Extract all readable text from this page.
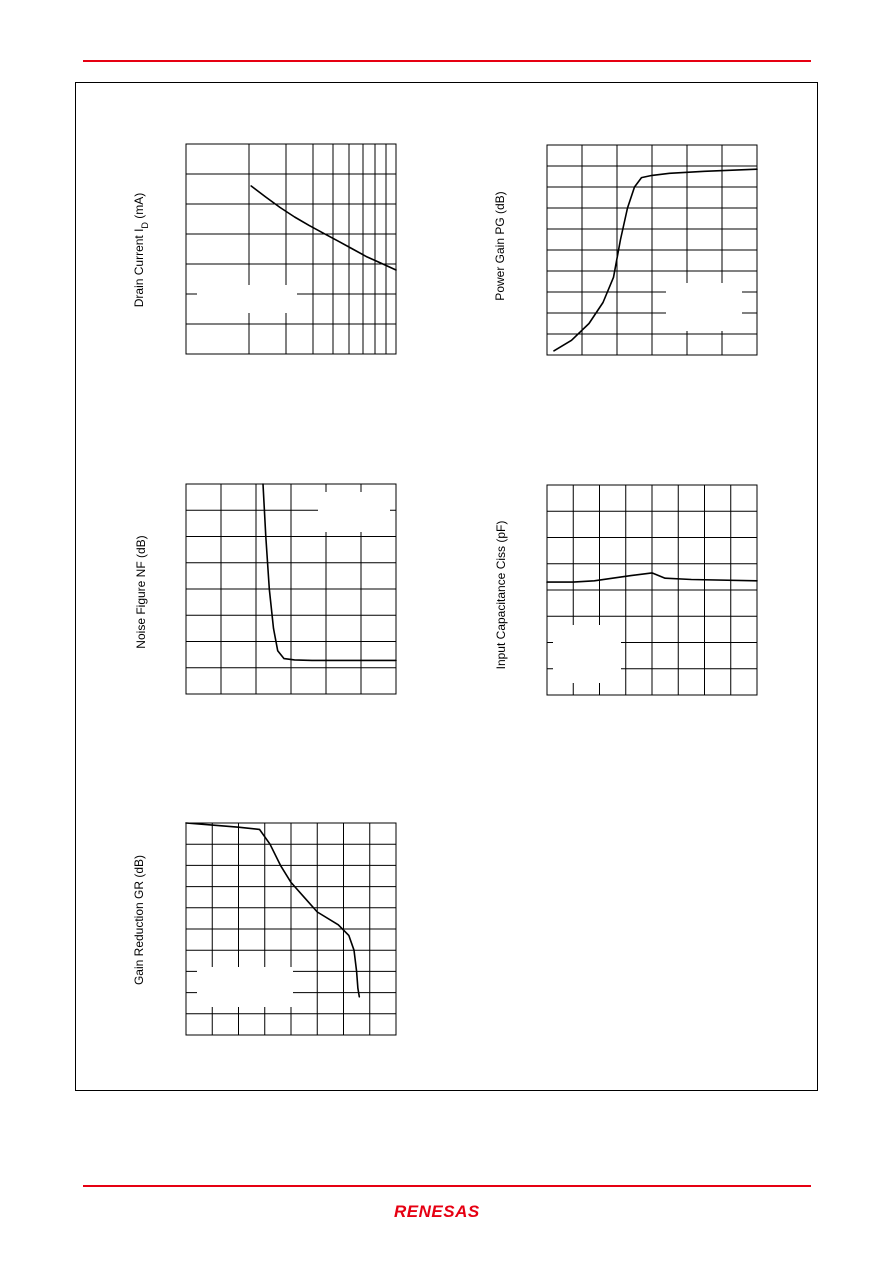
Drain Current $I_D$ (mA)	Power Gain PG (dB)
Noise Figure NF (dB)	Input Capacitance Ciss (pF)
Gain Reduction GR (dB)
RENESAS
